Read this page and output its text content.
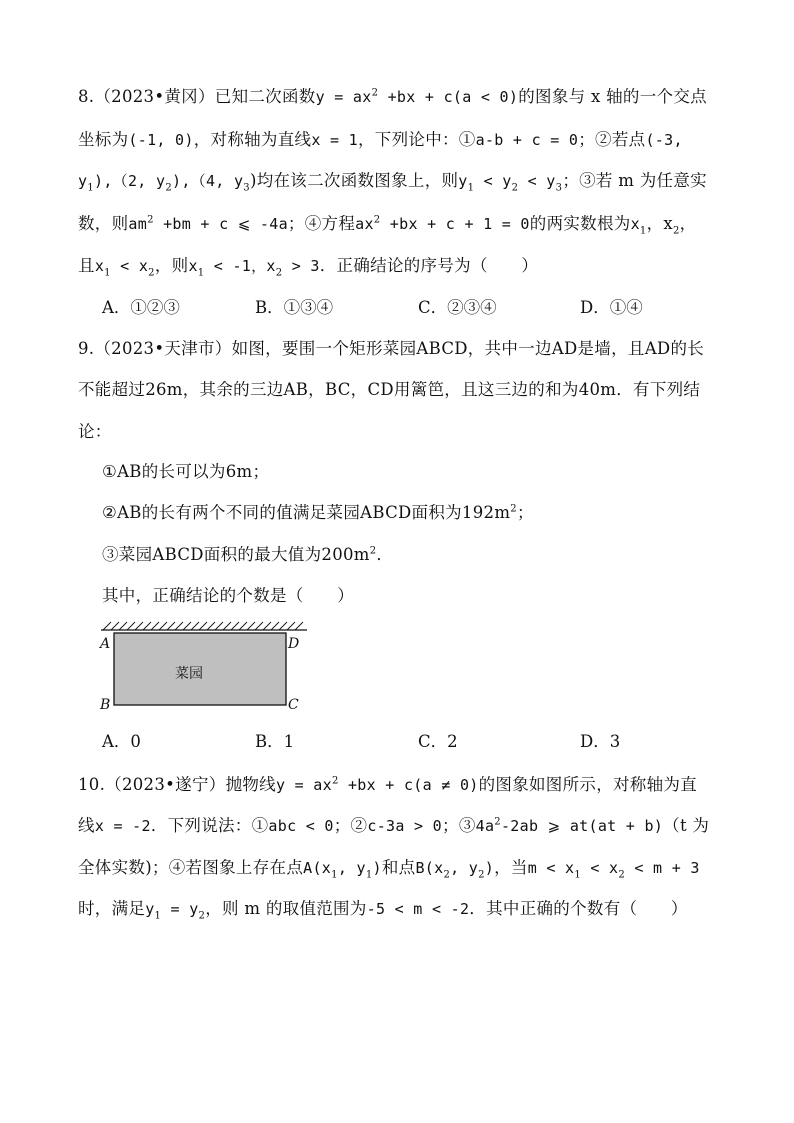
8.（2023•黄冈）已知二次函数$y = ax^2 +bx + c(a < 0)$的图象与 x 轴的一个交点
坐标为(-1, 0)，对称轴为直线x = 1，下列论中：①a-b + c = 0；②若点(-3,
$y_1),(2$, $y_2),(4$, $y_3$)均在该二次函数图象上，则$y_1 < y_2 < y_3$；③若 m 为任意实
数，则$am^2 +bm + c$ ⩽ -4a；④方程$ax^2 +bx + c + 1 = 0$的两实数根为$x_1$，$x_2$，
且$x_1 < x_2$，则$x_1 < -1$，$x_2 > 3$．正确结论的序号为（　　）
A．①②③	B．①③④	C．②③④	D．①④
9.（2023•天津市）如图，要围一个矩形菜园ABCD，共中一边AD是墙，且AD的长
不能超过26m，其余的三边AB，BC，CD用篱笆，且这三边的和为40m．有下列结
论：
①AB的长可以为6m；
②AB的长有两个不同的值满足菜园ABCD面积为$192m^2$；
③菜园ABCD面积的最大值为$200m^2$．
其中，正确结论的个数是（　　）
菜园
A
B	C
D
A．0	B．1	C．2	D．3
10.（2023•遂宁）抛物线$y = ax^2 +bx + c(a \ne 0)$的图象如图所示，对称轴为直
线x = -2．下列说法：①abc < 0；②c-3a > 0；$③4a^2-2ab$ ⩾ at(at + b)（t 为
全体实数)；④若图象上存在点$A(x_1$, $y_1$)和点$B(x_2$, $y_2$)，当$m < x_1 < x_2 < m + 3$
时，满足$y_1 = y_2$，则 m 的取值范围为-5 < m < -2．其中正确的个数有（　　）
